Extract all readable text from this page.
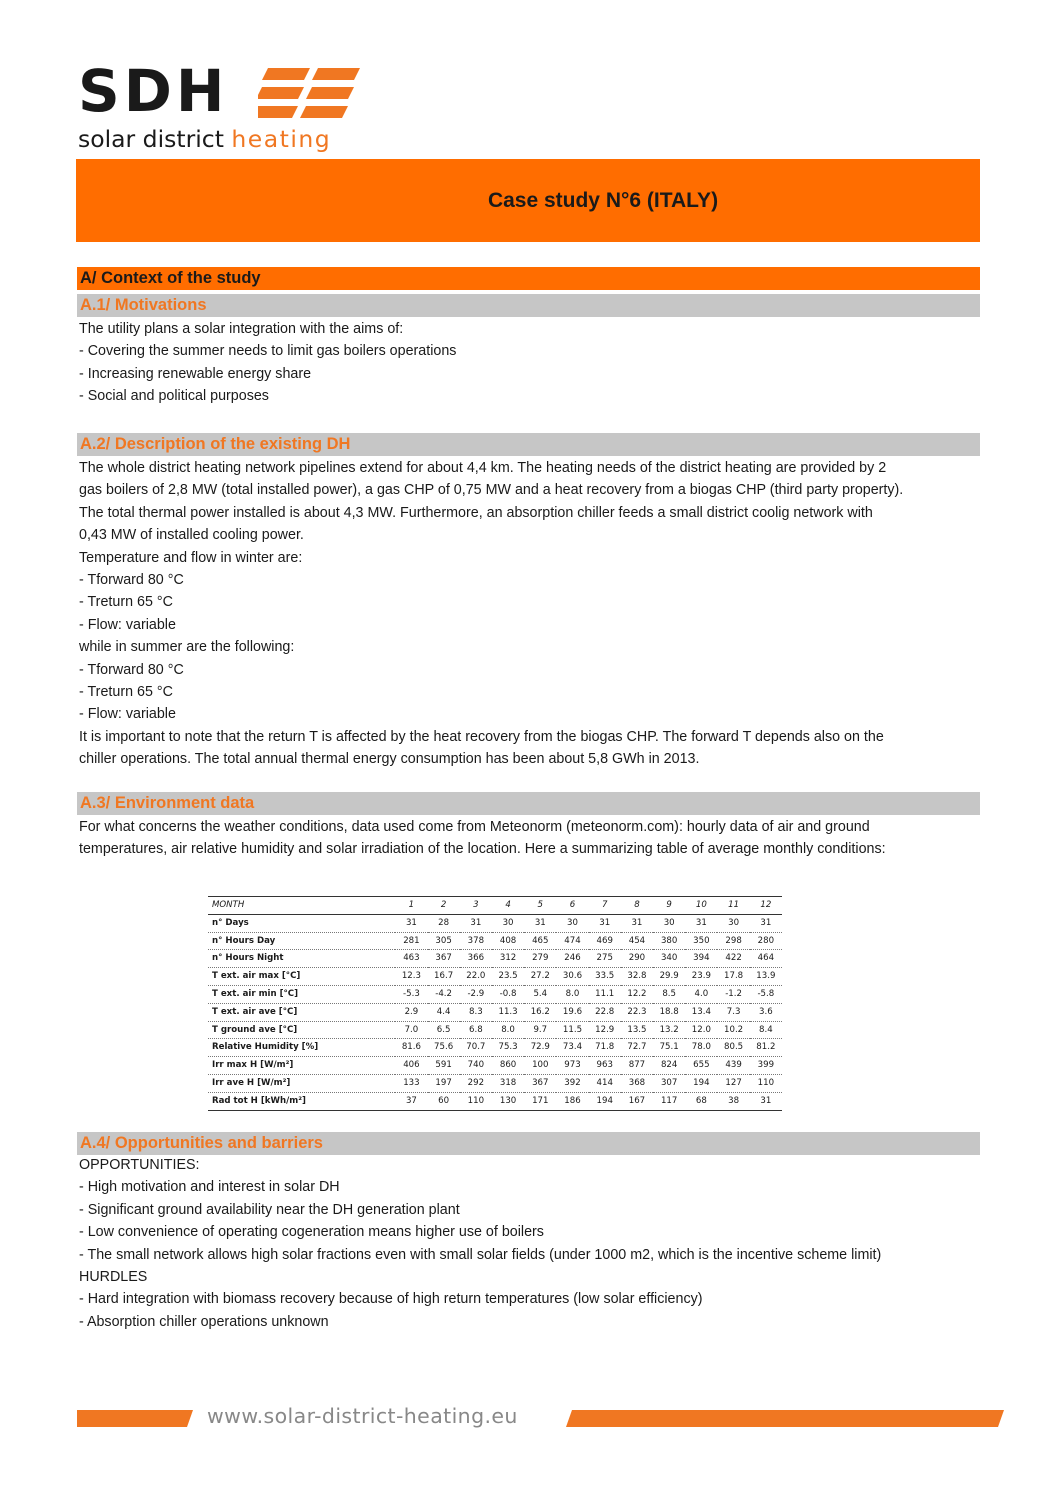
SDH
solar district heating
Case study N°6 (ITALY)
A/ Context of the study
A.1/ Motivations
The utility plans a solar integration with the aims of:
- Covering the summer needs to limit gas boilers operations
- Increasing renewable energy share
- Social and political purposes
A.2/ Description of the existing DH
The whole district heating network pipelines extend for about 4,4 km. The heating needs of the district heating are provided by 2
gas boilers of 2,8 MW (total installed power), a gas CHP of 0,75 MW and a heat recovery from a biogas CHP (third party property).
The total thermal power installed is about 4,3 MW. Furthermore, an absorption chiller feeds a small district coolig network with
0,43 MW of installed cooling power.
Temperature and flow in winter are:
- Tforward 80 °C
- Treturn 65 °C
- Flow: variable
while in summer are the following:
- Tforward 80 °C
- Treturn 65 °C
- Flow: variable
It is important to note that the return T is affected by the heat recovery from the biogas CHP. The forward T depends also on the
chiller operations. The total annual thermal energy consumption has been about 5,8 GWh in 2013.
A.3/ Environment data
For what concerns the weather conditions, data used come from Meteonorm (meteonorm.com): hourly data of air and ground
temperatures, air relative humidity and solar irradiation of the location. Here a summarizing table of average monthly conditions:
MONTH	1	2	3	4	5	6	7	8	9	10	11	12
n° Days	31	28	31	30	31	30	31	31	30	31	30	31
n° Hours Day	281	305	378	408	465	474	469	454	380	350	298	280
n° Hours Night	463	367	366	312	279	246	275	290	340	394	422	464
T ext. air max [°C]	12.3	16.7	22.0	23.5	27.2	30.6	33.5	32.8	29.9	23.9	17.8	13.9
T ext. air min [°C]	-5.3	-4.2	-2.9	-0.8	5.4	8.0	11.1	12.2	8.5	4.0	-1.2	-5.8
T ext. air ave [°C]	2.9	4.4	8.3	11.3	16.2	19.6	22.8	22.3	18.8	13.4	7.3	3.6
T ground ave [°C]	7.0	6.5	6.8	8.0	9.7	11.5	12.9	13.5	13.2	12.0	10.2	8.4
Relative Humidity [%]	81.6	75.6	70.7	75.3	72.9	73.4	71.8	72.7	75.1	78.0	80.5	81.2
Irr max H [W/m²]	406	591	740	860	100	973	963	877	824	655	439	399
Irr ave H [W/m²]	133	197	292	318	367	392	414	368	307	194	127	110
Rad tot H [kWh/m²]	37	60	110	130	171	186	194	167	117	68	38	31
A.4/ Opportunities and barriers
OPPORTUNITIES:
- High motivation and interest in solar DH
- Significant ground availability near the DH generation plant
- Low convenience of operating cogeneration means higher use of boilers
- The small network allows high solar fractions even with small solar fields (under 1000 m2, which is the incentive scheme limit)
HURDLES
- Hard integration with biomass recovery because of high return temperatures (low solar efficiency)
- Absorption chiller operations unknown
www.solar-district-heating.eu
